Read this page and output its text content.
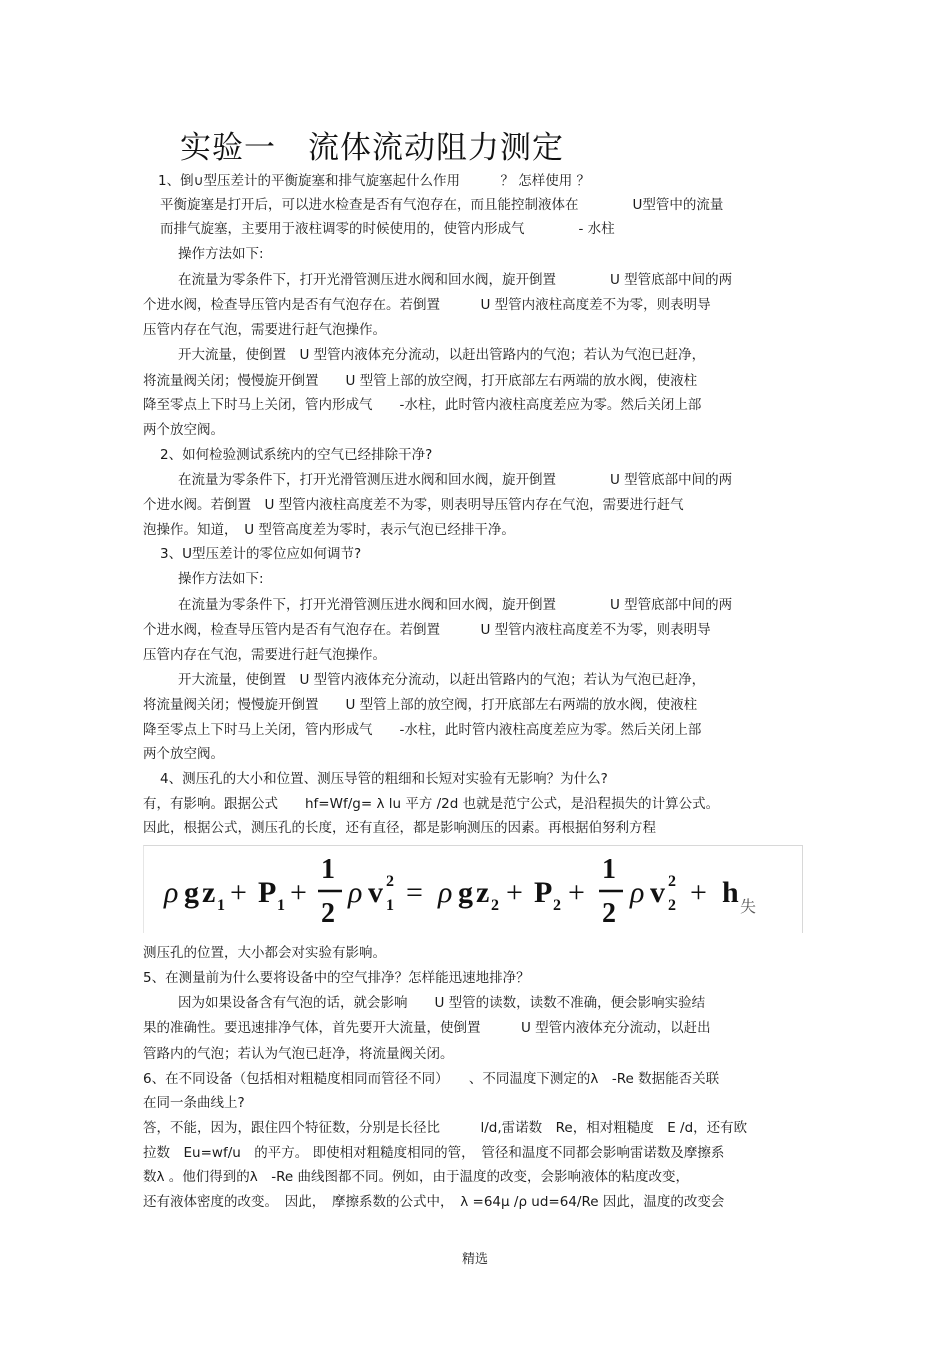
实验一　流体流动阻力测定
1、倒∪型压差计的平衡旋塞和排气旋塞起什么作用　　　？ 怎样使用 ？
平衡旋塞是打开后，可以进水检查是否有气泡存在，而且能控制液体在　　　　U型管中的流量
而排气旋塞，主要用于液柱调零的时候使用的，使管内形成气　　　　- 水柱
操作方法如下:
在流量为零条件下，打开光滑管测压进水阀和回水阀，旋开倒置　　　　U 型管底部中间的两
个进水阀，检查导压管内是否有气泡存在。若倒置　　　U 型管内液柱高度差不为零，则表明导
压管内存在气泡，需要进行赶气泡操作。
开大流量，使倒置　U 型管内液体充分流动，以赶出管路内的气泡；若认为气泡已赶净，
将流量阀关闭；慢慢旋开倒置　　U 型管上部的放空阀，打开底部左右两端的放水阀，使液柱
降至零点上下时马上关闭，管内形成气　　-水柱，此时管内液柱高度差应为零。然后关闭上部
两个放空阀。
2、如何检验测试系统内的空气已经排除干净?
在流量为零条件下，打开光滑管测压进水阀和回水阀，旋开倒置　　　　U 型管底部中间的两
个进水阀。若倒置　U 型管内液柱高度差不为零，则表明导压管内存在气泡，需要进行赶气
泡操作。知道，　U 型管高度差为零时，表示气泡已经排干净。
3、U型压差计的零位应如何调节?
操作方法如下:
在流量为零条件下，打开光滑管测压进水阀和回水阀，旋开倒置　　　　U 型管底部中间的两
个进水阀，检查导压管内是否有气泡存在。若倒置　　　U 型管内液柱高度差不为零，则表明导
压管内存在气泡，需要进行赶气泡操作。
开大流量，使倒置　U 型管内液体充分流动，以赶出管路内的气泡；若认为气泡已赶净，
将流量阀关闭；慢慢旋开倒置　　U 型管上部的放空阀，打开底部左右两端的放水阀，使液柱
降至零点上下时马上关闭，管内形成气　　-水柱，此时管内液柱高度差应为零。然后关闭上部
两个放空阀。
4、测压孔的大小和位置、测压导管的粗细和长短对实验有无影响？为什么?
有，有影响。跟据公式　　hf=Wf/g= λ lu 平方 /2d 也就是范宁公式，是沿程损失的计算公式。
因此，根据公式，测压孔的长度，还有直径，都是影响测压的因素。再根据伯努利方程
测压孔的位置，大小都会对实验有影响。
5、在测量前为什么要将设备中的空气排净？怎样能迅速地排净？
因为如果设备含有气泡的话，就会影响　　U 型管的读数，读数不准确，便会影响实验结
果的准确性。要迅速排净气体，首先要开大流量，使倒置　　　U 型管内液体充分流动，以赶出
管路内的气泡；若认为气泡已赶净，将流量阀关闭。
6、在不同设备（包括相对粗糙度相同而管径不同）　　、不同温度下测定的λ　-Re 数据能否关联
在同一条曲线上?
答，不能，因为，跟住四个特征数，分别是长径比　　　l/d,雷诺数　Re，相对粗糙度　E /d，还有欧
拉数　Eu=wf/u　的平方。 即使相对粗糙度相同的管，　管径和温度不同都会影响雷诺数及摩擦系
数λ 。他们得到的λ　-Re 曲线图都不同。例如，由于温度的改变，会影响液体的粘度改变，
还有液体密度的改变。　因此，　摩擦系数的公式中，　λ =64μ /ρ ud=64/Re 因此，温度的改变会
ρ g z 1 + P 1 +
1
2
ρ v 2
1 = ρ g z 2 + P 2 +
1
2
ρ v 2
2 + h 失
精选
